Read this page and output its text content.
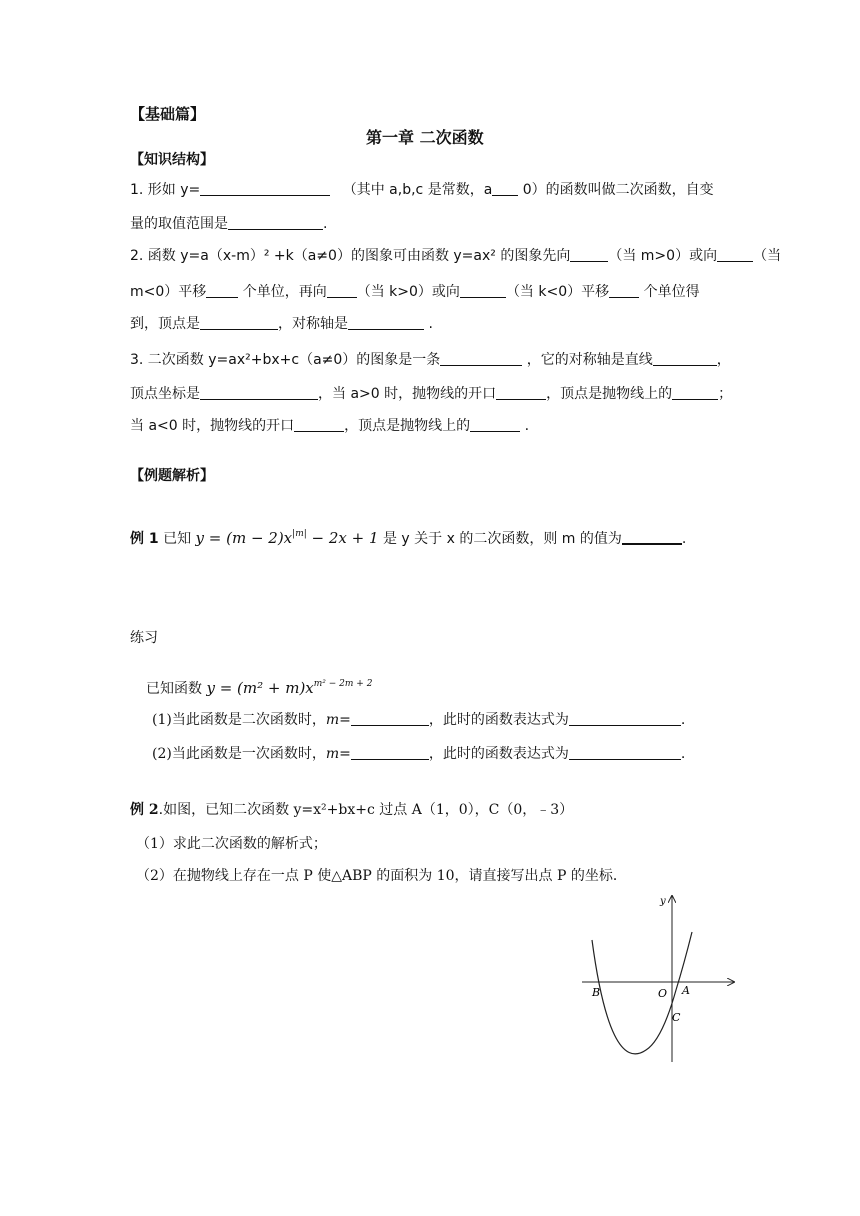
【基础篇】
第一章 二次函数
【知识结构】
1. 形如 y=	（其中 a,b,c 是常数，a 0）的函数叫做二次函数，自变
量的取值范围是	.
2. 函数 y=a（x-m）² +k（a≠0）的图象可由函数 y=ax² 的图象先向	（当 m>0）或向	（当
m<0）平移	个单位，再向 （当 k>0）或向	（当 k<0）平移 个单位得
到，顶点是	，对称轴是	.
3. 二次函数 y=ax²+bx+c（a≠0）的图象是一条	，它的对称轴是直线	，
顶点坐标是	，当 a>0 时，抛物线的开口	，顶点是抛物线上的	；
当 a<0 时，抛物线的开口	，顶点是抛物线上的	.
【例题解析】
例 1 已知 $y = (m - 2)x^{|m|} - 2x + 1$ 是 y 关于 x 的二次函数，则 m 的值为	.
练习
已知函数 $y = (m^2 + m)x^{m^2 - 2m + 2}$
(1)当此函数是二次函数时，m=	，此时的函数表达式为	.
(2)当此函数是一次函数时，m=	，此时的函数表达式为	.
例 2.如图，已知二次函数 y=x²+bx+c 过点 A（1，0），C（0，﹣3）
（1）求此二次函数的解析式；
（2）在抛物线上存在一点 P 使△ABP 的面积为 10，请直接写出点 P 的坐标．
y
O A
B
C
